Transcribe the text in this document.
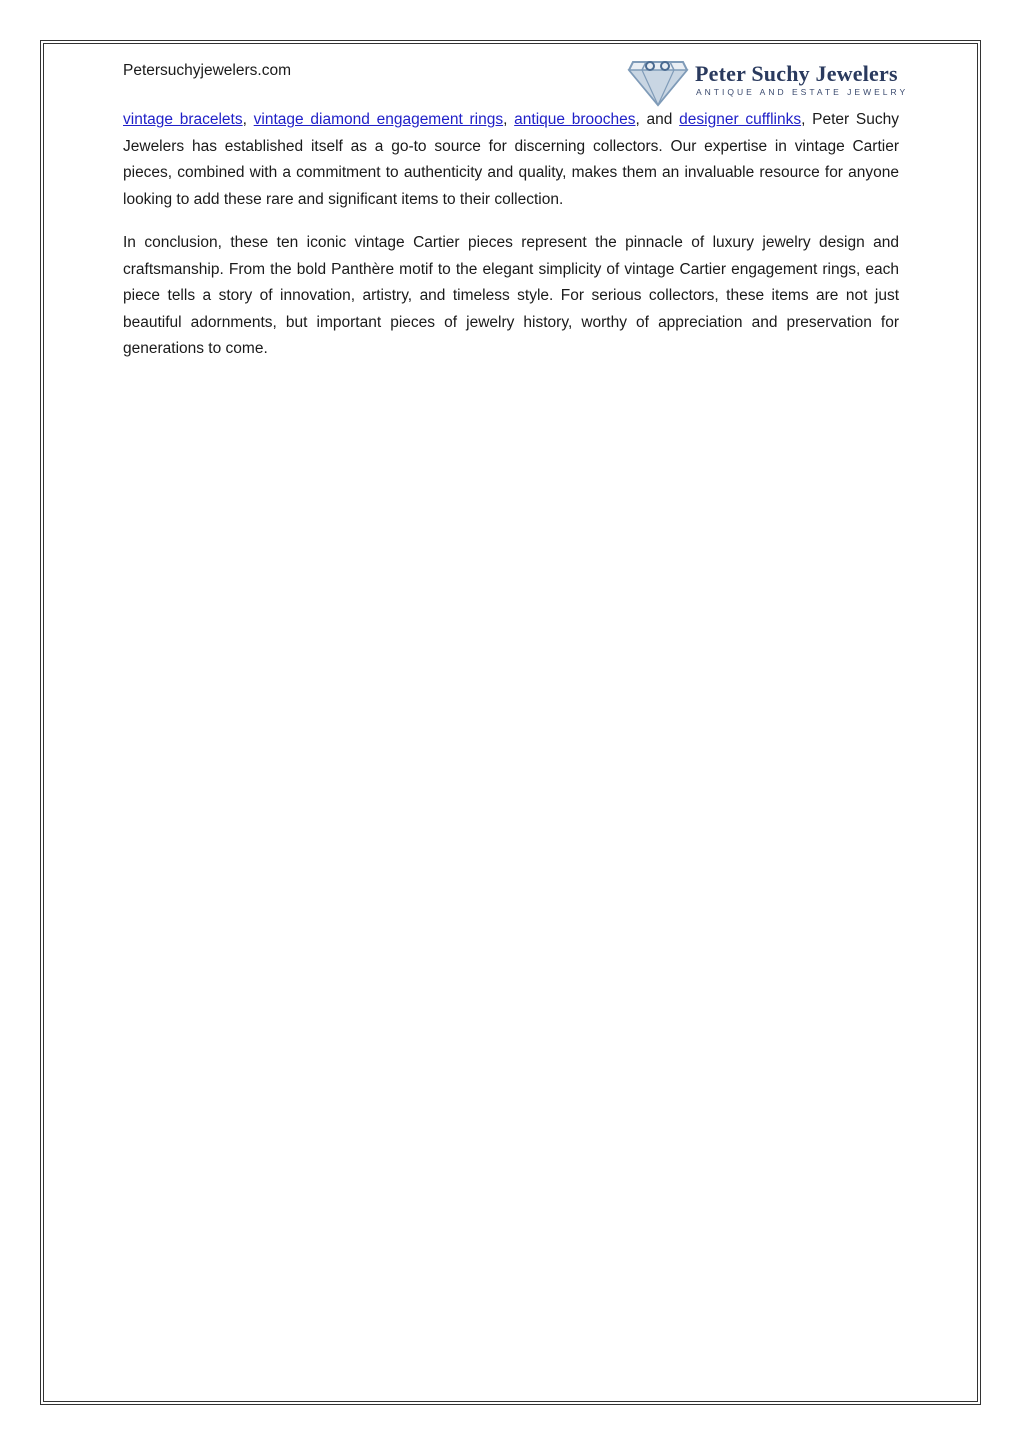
Petersuchyjewelers.com	Peter Suchy Jewelers
ANTIQUE AND ESTATE JEWELRY

vintage bracelets, vintage diamond engagement rings, antique brooches, and designer cufflinks, Peter Suchy Jewelers has established itself as a go-to source for discerning collectors. Our expertise in vintage Cartier pieces, combined with a commitment to authenticity and quality, makes them an invaluable resource for anyone looking to add these rare and significant items to their collection.

In conclusion, these ten iconic vintage Cartier pieces represent the pinnacle of luxury jewelry design and craftsmanship. From the bold Panthère motif to the elegant simplicity of vintage Cartier engagement rings, each piece tells a story of innovation, artistry, and timeless style. For serious collectors, these items are not just beautiful adornments, but important pieces of jewelry history, worthy of appreciation and preservation for generations to come.
